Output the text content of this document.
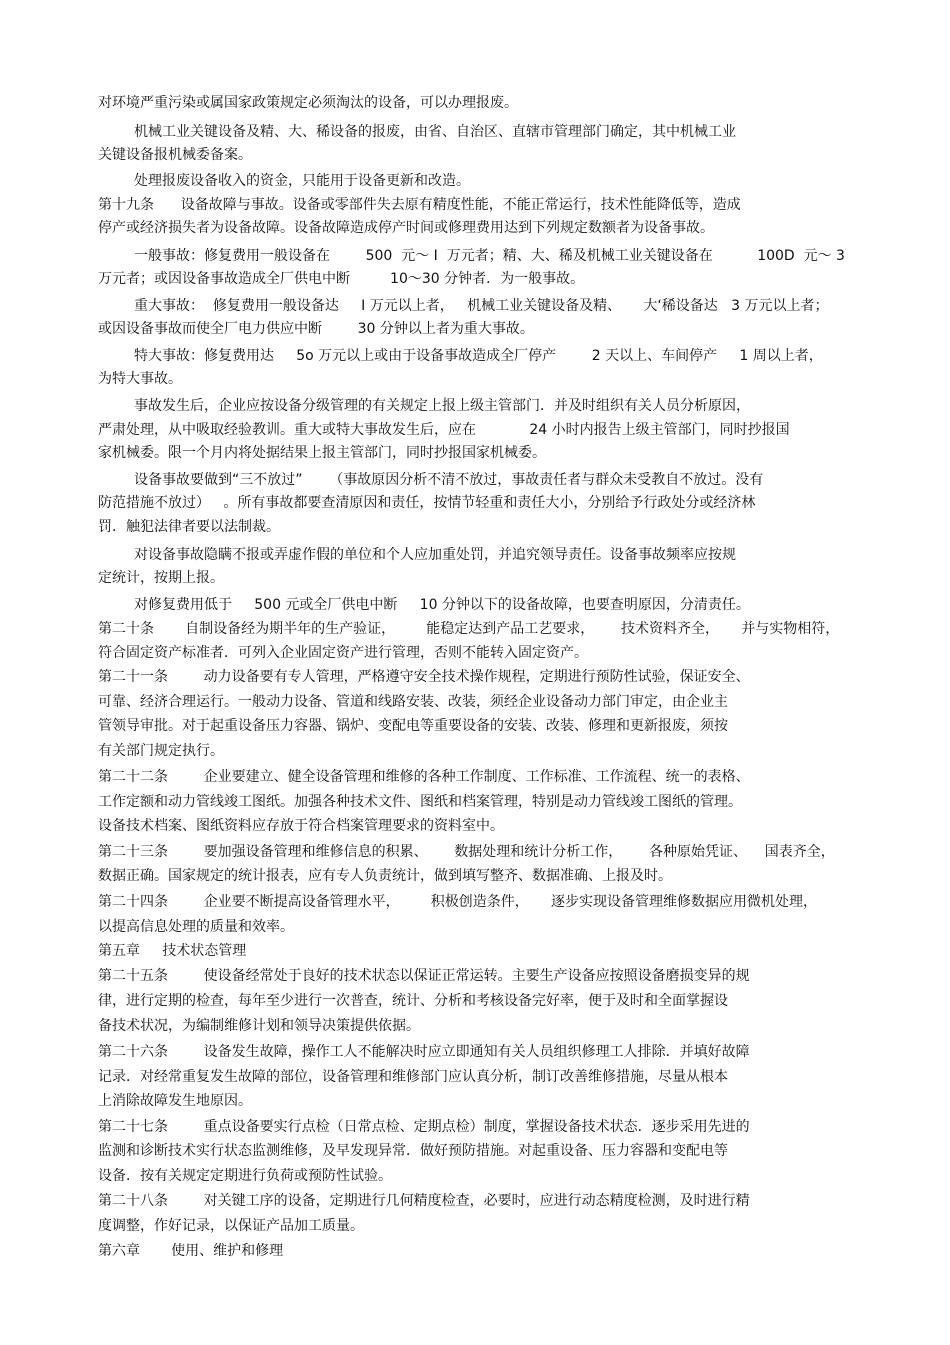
对环境严重污染或属国家政策规定必须淘汰的设备，可以办理报废。

机械工业关键设备及精、大、稀设备的报废，由省、自治区、直辖市管理部门确定，其中机械工业

关键设备报机械委备案。

处理报废设备收入的资金，只能用于设备更新和改造。

第十九条      设备故障与事故。设备或零部件失去原有精度性能，不能正常运行，技术性能降低等，造成

停产或经济损失者为设备故障。设备故障造成停产时间或修理费用达到下列规定数额者为设备事故。

一般事故：修复费用一般设备在        500  元～ I  万元者；精、大、稀及机械工业关键设备在          100D  元～ 3

万元者；或因设备事故造成全厂供电中断         10～30 分钟者．为一般事故。

重大事故：  修复费用一般设备达     I 万元以上者，   机械工业关键设备及精、     大‘稀设备达   3 万元以上者；

或因设备事故而使全厂电力供应中断        30 分钟以上者为重大事故。

特大事故：修复费用达     5o 万元以上或由于设备事故造成全厂停产        2 天以上、车间停产     1 周以上者，

为特大事故。

事故发生后，企业应按设备分级管理的有关规定上报上级主管部门．并及时组织有关人员分析原因，

严肃处理，从中吸取经验教训。重大或特大事故发生后，应在            24 小时内报告上级主管部门，同时抄报国

家机械委。限一个月内将处据结果上报主管部门，同时抄报国家机械委。

设备事故要做到“三不放过”      （事故原因分析不清不放过，事故责任者与群众未受教自不放过。没有

防范措施不放过）   。所有事故都要查清原因和责任，按情节轻重和责任大小，分别给予行政处分或经济林

罚．触犯法律者要以法制裁。

对设备事故隐瞒不报或弄虚作假的单位和个人应加重处罚，并追究领导责任。设备事故频率应按规

定统计，按期上报。

对修复费用低于     500 元或全厂供电中断     10 分钟以下的设备故障，也要查明原因，分清责任。

第二十条       自制设备经为期半年的生产验证，       能稳定达到产品工艺要求，      技术资料齐全，     并与实物相符，

符合固定资产标准者．可列入企业固定资产进行管理，否则不能转入固定资产。

第二十一条        动力设备要有专人管理，严格遵守安全技术操作规程，定期进行预防性试验，保证安全、

可靠、经济合理运行。一般动力设备、管道和线路安装、改装，须经企业设备动力部门审定，由企业主

管领导审批。对于起重设备压力容器、锅炉、变配电等重要设备的安装、改装、修理和更新报废，须按

有关部门规定执行。

第二十二条        企业要建立、健全设备管理和维修的各种工作制度、工作标准、工作流程、统一的表格、

工作定额和动力管线竣工图纸。加强各种技术文件、图纸和档案管理，特别是动力管线竣工图纸的管理。

设备技术档案、图纸资料应存放于符合档案管理要求的资料室中。

第二十三条        要加强设备管理和维修信息的积累、      数据处理和统计分析工作，      各种原始凭证、    国表齐全，

数据正确。国家规定的统计报表，应有专人负责统计，做到填写整齐、数据准确、上报及时。

第二十四条        企业要不断提高设备管理水平，       积极创造条件，     逐步实现设备管理维修数据应用微机处理，

以提高信息处理的质量和效率。

第五章     技术状态管理

第二十五条        使设备经常处于良好的技术状态以保证正常运转。主要生产设备应按照设备磨损变异的规

律，进行定期的检查，每年至少进行一次普查，统计、分析和考核设备完好率，便于及时和全面掌握设

备技术状况，为编制维修计划和领导决策提供依据。

第二十六条        设备发生故障，操作工人不能解决时应立即通知有关人员组织修理工人排除．并填好故障

记录．对经常重复发生故障的部位，设备管理和维修部门应认真分析，制订改善维修措施，尽量从根本

上消除故障发生地原因。

第二十七条        重点设备要实行点检（日常点检、定期点检）制度，掌握设备技术状态．逐步采用先进的

监测和诊断技术实行状态监测维修，及早发现异常．做好预防措施。对起重设备、压力容器和变配电等

设备．按有关规定定期进行负荷或预防性试验。

第二十八条        对关键工序的设备，定期进行几何精度检查，必要时，应进行动态精度检测，及时进行精

度调整，作好记录，以保证产品加工质量。

第六章       使用、维护和修理
